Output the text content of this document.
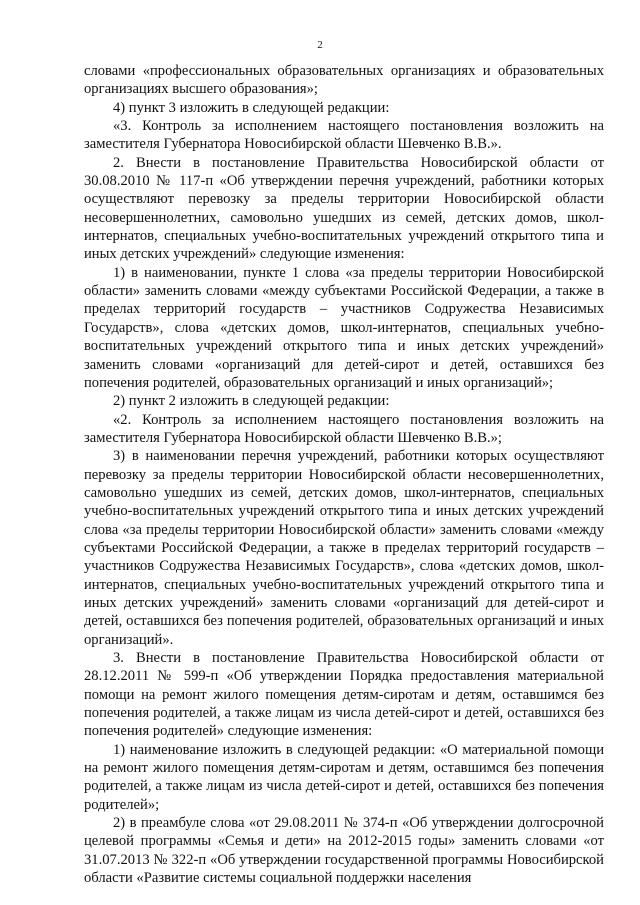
2

словами «профессиональных образовательных организациях и образовательных организациях высшего образования»;

4) пункт 3 изложить в следующей редакции:

«3. Контроль за исполнением настоящего постановления возложить на заместителя Губернатора Новосибирской области Шевченко В.В.».

2. Внести в постановление Правительства Новосибирской области от 30.08.2010 № 117-п «Об утверждении перечня учреждений, работники которых осуществляют перевозку за пределы территории Новосибирской области несовершеннолетних, самовольно ушедших из семей, детских домов, школ-интернатов, специальных учебно-воспитательных учреждений открытого типа и иных детских учреждений» следующие изменения:

1) в наименовании, пункте 1 слова «за пределы территории Новосибирской области» заменить словами «между субъектами Российской Федерации, а также в пределах территорий государств – участников Содружества Независимых Государств», слова «детских домов, школ-интернатов, специальных учебно-воспитательных учреждений открытого типа и иных детских учреждений» заменить словами «организаций для детей-сирот и детей, оставшихся без попечения родителей, образовательных организаций и иных организаций»;

2) пункт 2 изложить в следующей редакции:

«2. Контроль за исполнением настоящего постановления возложить на заместителя Губернатора Новосибирской области Шевченко В.В.»;

3) в наименовании перечня учреждений, работники которых осуществляют перевозку за пределы территории Новосибирской области несовершеннолетних, самовольно ушедших из семей, детских домов, школ-интернатов, специальных учебно-воспитательных учреждений открытого типа и иных детских учреждений слова «за пределы территории Новосибирской области» заменить словами «между субъектами Российской Федерации, а также в пределах территорий государств – участников Содружества Независимых Государств», слова «детских домов, школ-интернатов, специальных учебно-воспитательных учреждений открытого типа и иных детских учреждений» заменить словами «организаций для детей-сирот и детей, оставшихся без попечения родителей, образовательных организаций и иных организаций».

3. Внести в постановление Правительства Новосибирской области от 28.12.2011 № 599-п «Об утверждении Порядка предоставления материальной помощи на ремонт жилого помещения детям-сиротам и детям, оставшимся без попечения родителей, а также лицам из числа детей-сирот и детей, оставшихся без попечения родителей» следующие изменения:

1) наименование изложить в следующей редакции: «О материальной помощи на ремонт жилого помещения детям-сиротам и детям, оставшимся без попечения родителей, а также лицам из числа детей-сирот и детей, оставшихся без попечения родителей»;

2) в преамбуле слова «от 29.08.2011 № 374-п «Об утверждении долгосрочной целевой программы «Семья и дети» на 2012-2015 годы» заменить словами «от 31.07.2013 № 322-п «Об утверждении государственной программы Новосибирской области «Развитие системы социальной поддержки населения
